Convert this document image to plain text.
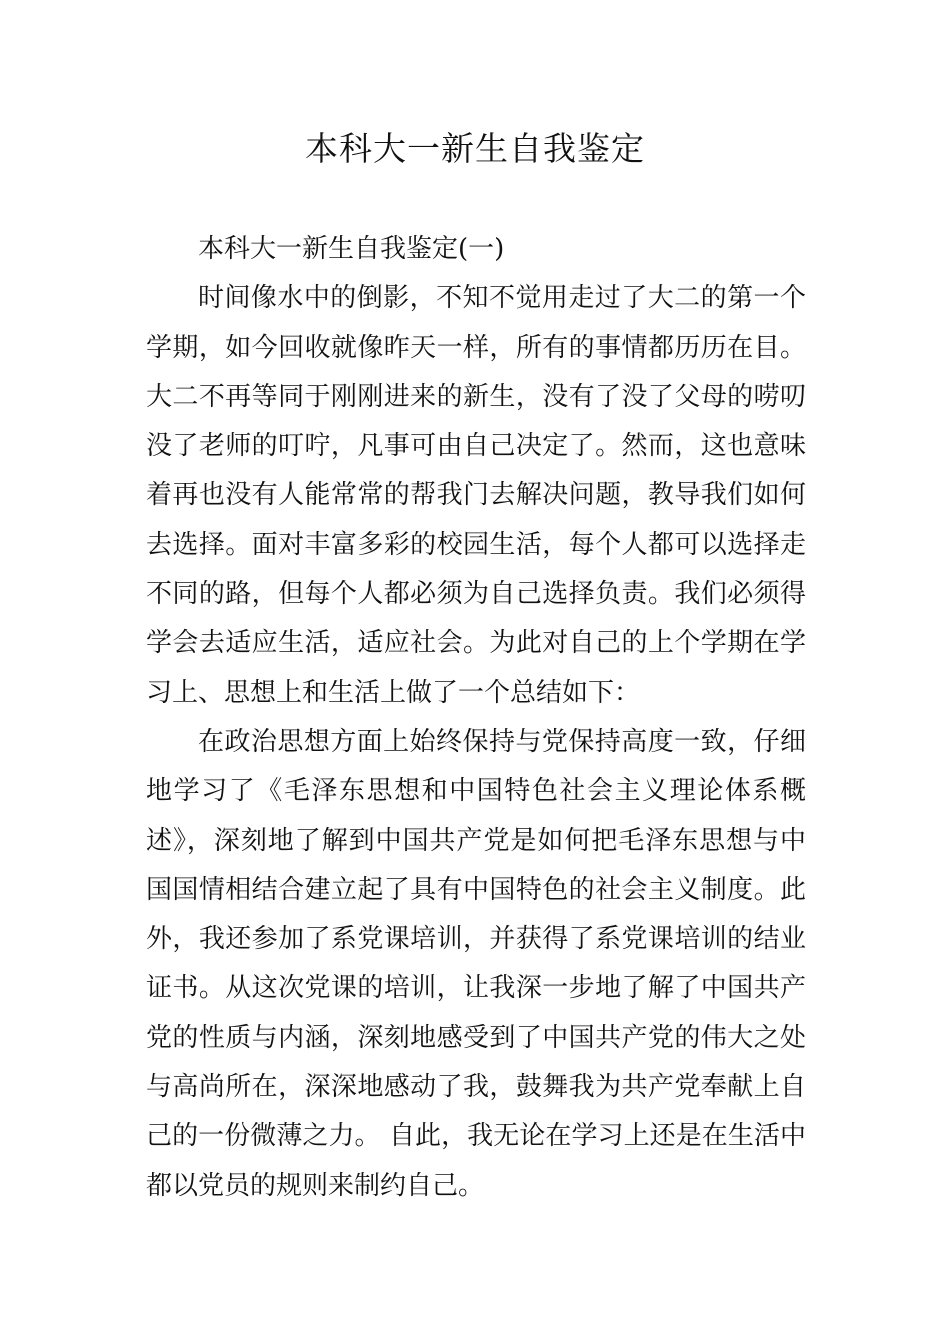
本科大一新生自我鉴定

本科大一新生自我鉴定(一)

时间像水中的倒影，不知不觉用走过了大二的第一个学期，如今回收就像昨天一样，所有的事情都历历在目。大二不再等同于刚刚进来的新生，没有了没了父母的唠叨没了老师的叮咛，凡事可由自己决定了。然而，这也意味着再也没有人能常常的帮我门去解决问题，教导我们如何去选择。面对丰富多彩的校园生活，每个人都可以选择走不同的路，但每个人都必须为自己选择负责。我们必须得学会去适应生活，适应社会。为此对自己的上个学期在学习上、思想上和生活上做了一个总结如下：

在政治思想方面上始终保持与党保持高度一致，仔细地学习了《毛泽东思想和中国特色社会主义理论体系概述》，深刻地了解到中国共产党是如何把毛泽东思想与中国国情相结合建立起了具有中国特色的社会主义制度。此外，我还参加了系党课培训，并获得了系党课培训的结业证书。从这次党课的培训，让我深一步地了解了中国共产党的性质与内涵，深刻地感受到了中国共产党的伟大之处与高尚所在，深深地感动了我，鼓舞我为共产党奉献上自己的一份微薄之力。 自此，我无论在学习上还是在生活中都以党员的规则来制约自己。
